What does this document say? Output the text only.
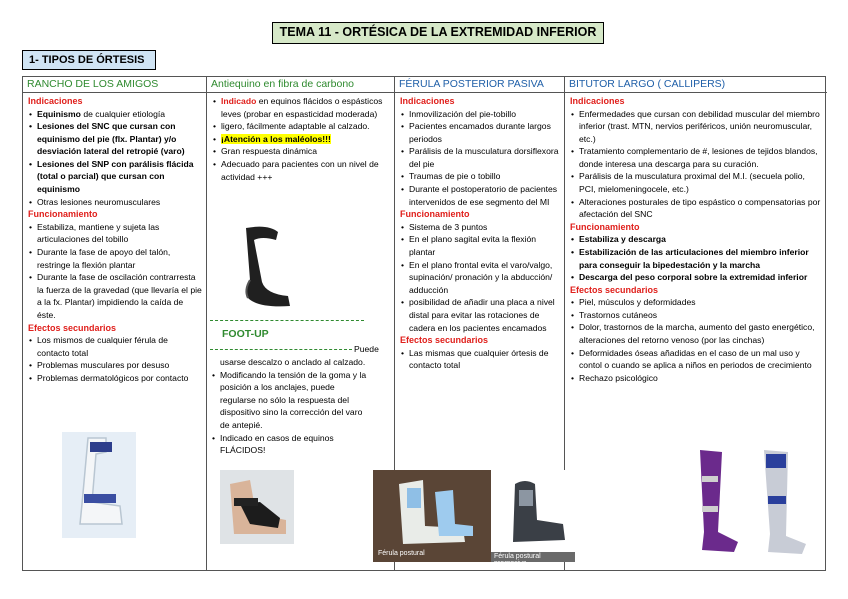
TEMA 11 - ORTÉSICA DE LA EXTREMIDAD INFERIOR
1- TIPOS DE ÓRTESIS
RANCHO DE LOS AMIGOS
Indicaciones
• Equinismo de cualquier etiología
• Lesiones del SNC que cursan con equinismo del pie (flx. Plantar) y/o desviación lateral del retropié (varo)
• Lesiones del SNP con parálisis flácida (total o parcial) que cursan con equinismo
• Otras lesiones neuromusculares
Funcionamiento
• Estabiliza, mantiene y sujeta las articulaciones del tobillo
• Durante la fase de apoyo del talón, restringe la flexión plantar
• Durante la fase de oscilación contrarresta la fuerza de la gravedad (que llevaría el pie a la fx. Plantar) impidiendo la caída de éste.
Efectos secundarios
• Los mismos de cualquier férula de contacto total
• Problemas musculares por desuso
• Problemas dermatológicos por contacto
Antiequino en fibra de carbono
• Indicado en equinos flácidos o espásticos leves (probar en espasticidad moderada)
• ligero, fácilmente adaptable al calzado.
• ¡Atención a los maléolos!!!
• Gran respuesta dinámica
• Adecuado para pacientes con un nivel de actividad +++
FÉRULA POSTERIOR PASIVA
Indicaciones
• Inmovilización del pie-tobillo
• Pacientes encamados durante largos periodos
• Parálisis de la musculatura dorsiflexora del pie
• Traumas de pie o tobillo
• Durante el postoperatorio de pacientes intervenidos de ese segmento del MI
Funcionamiento
• Sistema de 3 puntos
• En el plano sagital evita la flexión plantar
• En el plano frontal evita el varo/valgo, supinación/ pronación y la abducción/ adducción
• posibilidad de añadir una placa a nivel distal para evitar las rotaciones de cadera en los pacientes encamados
Efectos secundarios
• Las mismas que cualquier órtesis de contacto total
BITUTOR LARGO ( CALLIPERS)
Indicaciones
• Enfermedades que cursan con debilidad muscular del miembro inferior (trast. MTN, nervios periféricos, unión neuromuscular, etc.)
• Tratamiento complementario de #, lesiones de tejidos blandos, donde interesa una descarga para su curación.
• Parálisis de la musculatura proximal del M.I. (secuela polio, PCI, mielomeningocele, etc.)
• Alteraciones posturales de tipo espástico o compensatorias por afectación del SNC
Funcionamiento
• Estabiliza y descarga
• Estabilización de las articulaciones del miembro inferior para conseguir la bipedestación y la marcha
• Descarga del peso corporal sobre la extremidad inferior
Efectos secundarios
• Piel, músculos y deformidades
• Trastornos cutáneos
• Dolor, trastornos de la marcha, aumento del gasto energético, alteraciones del retorno venoso (por las cinchas)
• Deformidades óseas añadidas en el caso de un mal uso y contol o cuando se aplica a niños en periodos de crecimiento
• Rechazo psicológico
FOOT-UP
Puede
usarse descalzo o anclado al calzado.
• Modificando la tensión de la goma y la posición a los anclajes, puede regularse no sólo la respuesta del dispositivo sino la corrección del varo de antepié.
• Indicado en casos de equinos FLÁCIDOS!
Férula postural	Férula postural progresiva
